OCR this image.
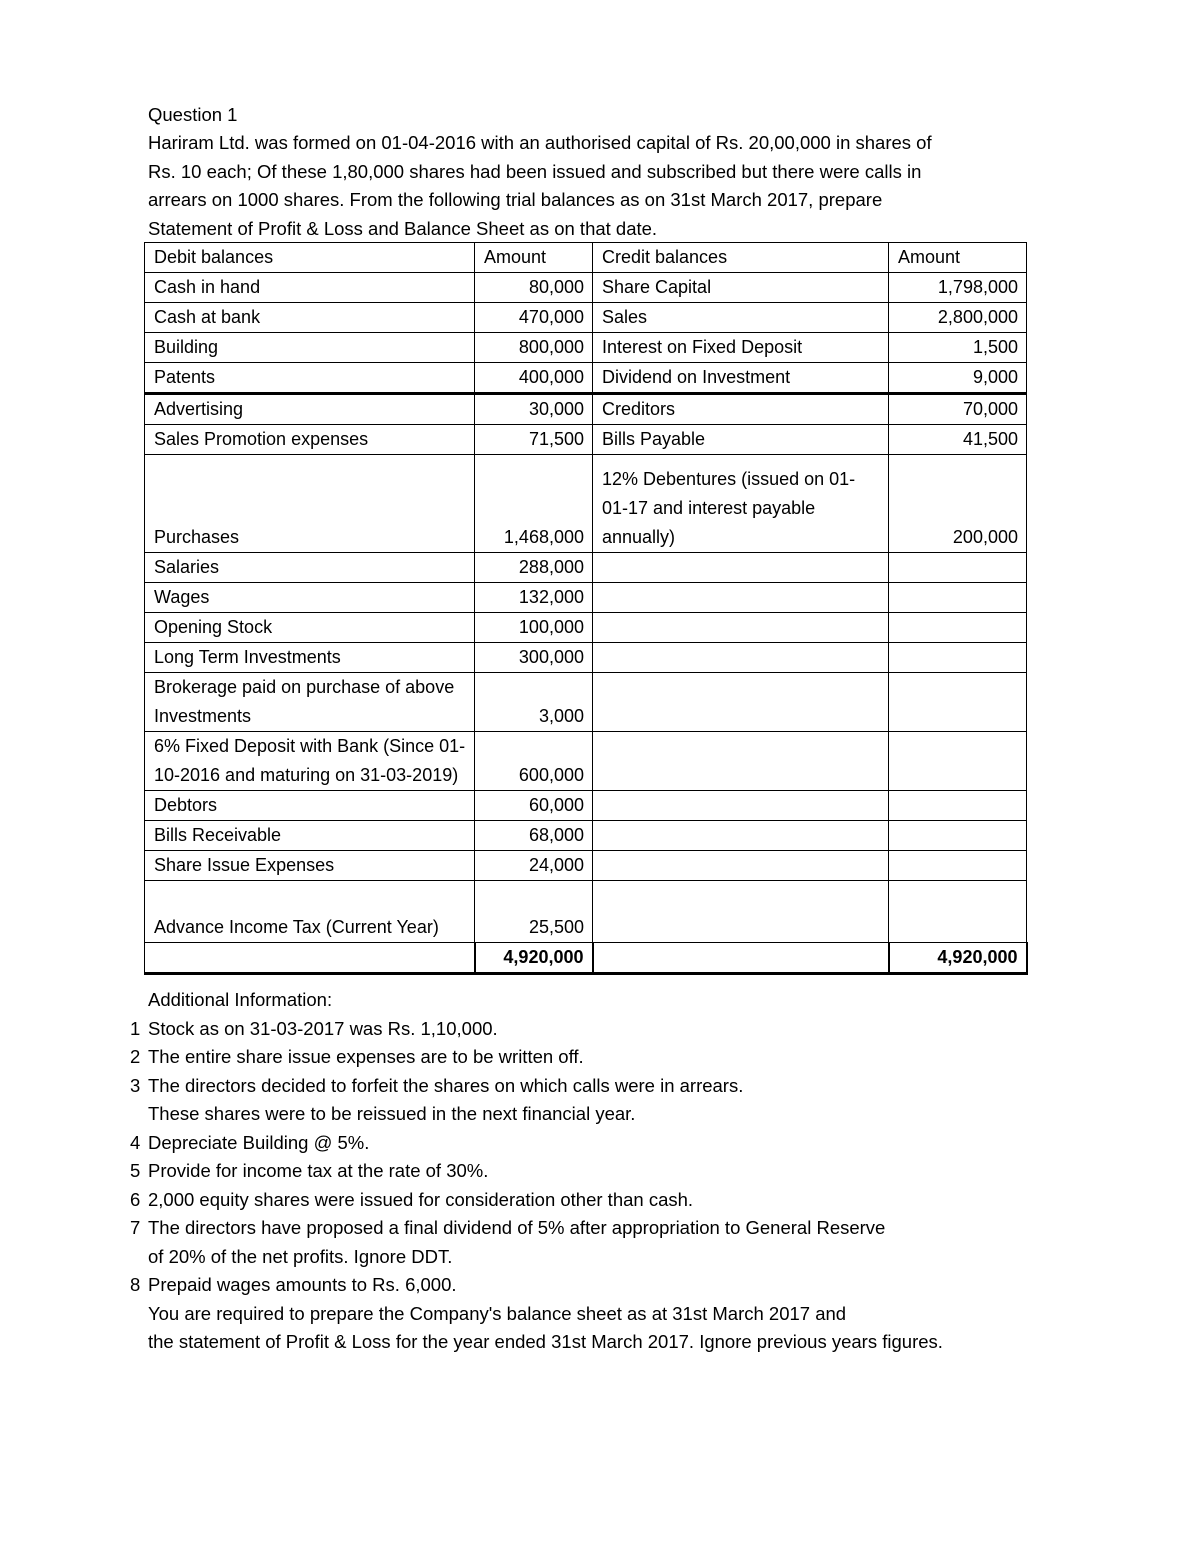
Question 1
Hariram Ltd. was formed on 01-04-2016 with an authorised capital of Rs. 20,00,000 in shares of
Rs. 10 each; Of these 1,80,000 shares had been issued and subscribed but there were calls in
arrears on 1000 shares. From the following trial balances as on 31st March 2017, prepare
Statement of Profit & Loss and Balance Sheet as on that date.
Debit balances	Amount	Credit balances	Amount
Cash in hand	80,000	Share Capital	1,798,000
Cash at bank	470,000	Sales	2,800,000
Building	800,000	Interest on Fixed Deposit	1,500
Patents	400,000	Dividend on Investment	9,000
Advertising	30,000	Creditors	70,000
Sales Promotion expenses	71,500	Bills Payable	41,500
Purchases	1,468,000	12% Debentures (issued on 01-01-17 and interest payable annually)	200,000
Salaries	288,000		
Wages	132,000		
Opening Stock	100,000		
Long Term Investments	300,000		
Brokerage paid on purchase of above Investments	3,000		
6% Fixed Deposit with Bank (Since 01-10-2016 and maturing on 31-03-2019)	600,000		
Debtors	60,000		
Bills Receivable	68,000		
Share Issue Expenses	24,000		
Advance Income Tax (Current Year)	25,500		
	4,920,000		4,920,000
Additional Information:
1 Stock as on 31-03-2017 was Rs. 1,10,000.
2 The entire share issue expenses are to be written off.
3 The directors decided to forfeit the shares on which calls were in arrears.
These shares were to be reissued in the next financial year.
4 Depreciate Building @ 5%.
5 Provide for income tax at the rate of 30%.
6 2,000 equity shares were issued for consideration other than cash.
7 The directors have proposed a final dividend of 5% after appropriation to General Reserve
of 20% of the net profits. Ignore DDT.
8 Prepaid wages amounts to Rs. 6,000.
You are required to prepare the Company's balance sheet as at 31st March 2017 and
the statement of Profit & Loss for the year ended 31st March 2017. Ignore previous years figures.
